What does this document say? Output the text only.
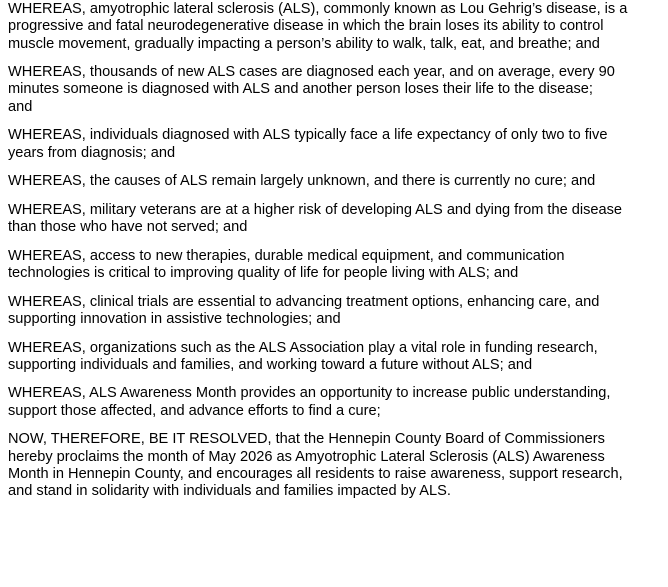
WHEREAS, amyotrophic lateral sclerosis (ALS), commonly known as Lou Gehrig’s disease, is a
progressive and fatal neurodegenerative disease in which the brain loses its ability to control
muscle movement, gradually impacting a person’s ability to walk, talk, eat, and breathe; and

WHEREAS, thousands of new ALS cases are diagnosed each year, and on average, every 90
minutes someone is diagnosed with ALS and another person loses their life to the disease;
and

WHEREAS, individuals diagnosed with ALS typically face a life expectancy of only two to five
years from diagnosis; and

WHEREAS, the causes of ALS remain largely unknown, and there is currently no cure; and

WHEREAS, military veterans are at a higher risk of developing ALS and dying from the disease
than those who have not served; and

WHEREAS, access to new therapies, durable medical equipment, and communication
technologies is critical to improving quality of life for people living with ALS; and

WHEREAS, clinical trials are essential to advancing treatment options, enhancing care, and
supporting innovation in assistive technologies; and

WHEREAS, organizations such as the ALS Association play a vital role in funding research,
supporting individuals and families, and working toward a future without ALS; and

WHEREAS, ALS Awareness Month provides an opportunity to increase public understanding,
support those affected, and advance efforts to find a cure;

NOW, THEREFORE, BE IT RESOLVED, that the Hennepin County Board of Commissioners
hereby proclaims the month of May 2026 as Amyotrophic Lateral Sclerosis (ALS) Awareness
Month in Hennepin County, and encourages all residents to raise awareness, support research,
and stand in solidarity with individuals and families impacted by ALS.
